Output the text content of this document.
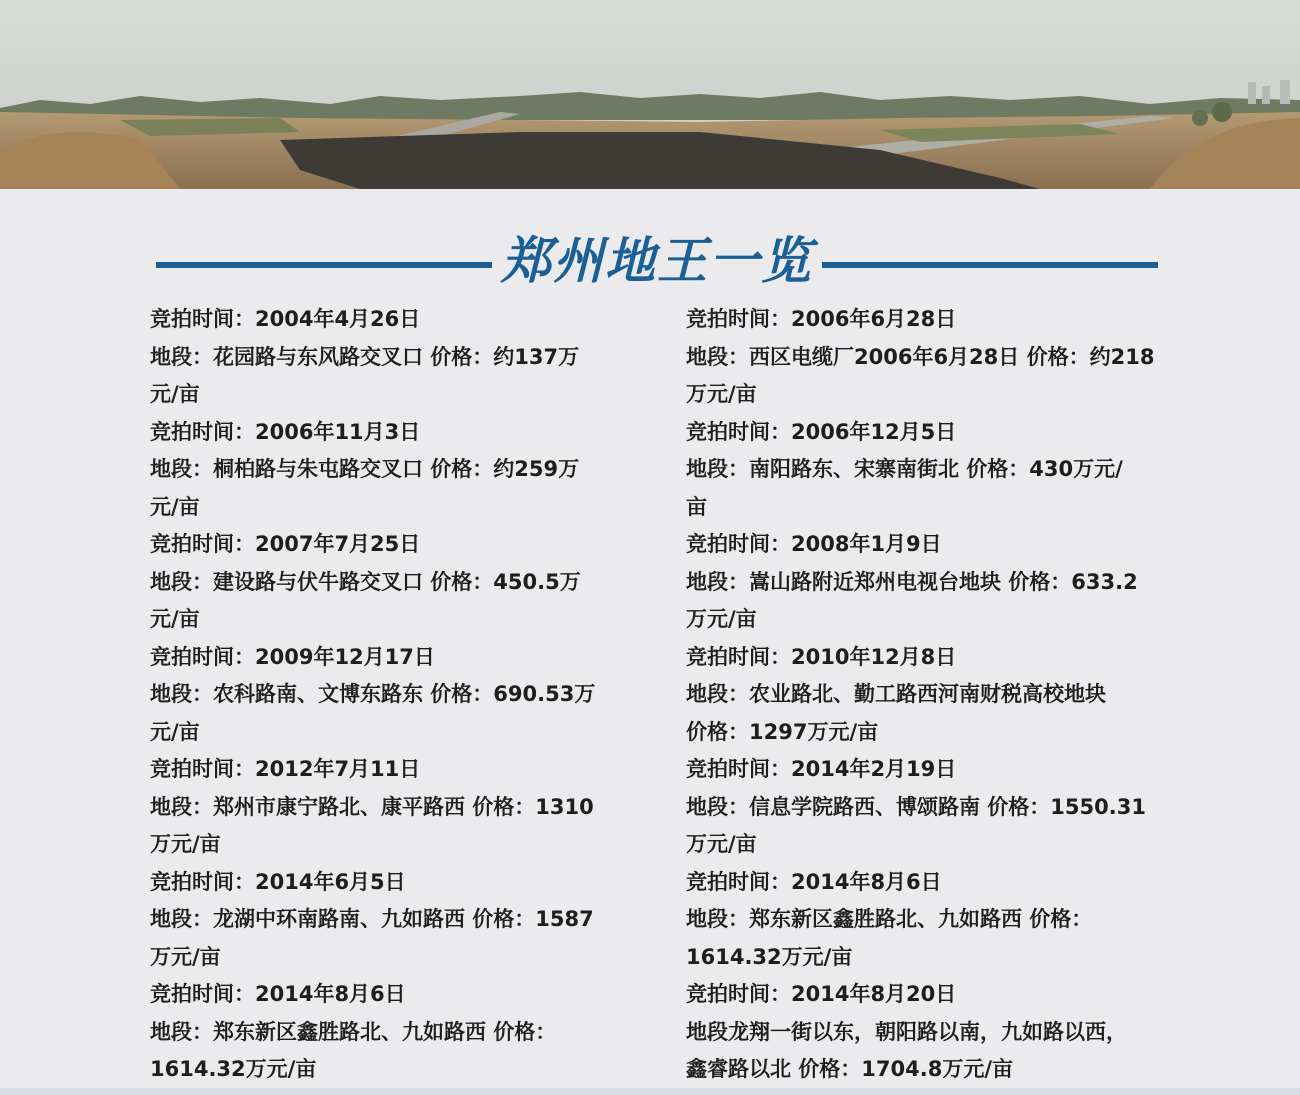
郑州地王一览
竞拍时间：2004年4月26日
地段：花园路与东风路交叉口 价格：约137万
元/亩
竞拍时间：2006年11月3日
地段：桐柏路与朱屯路交叉口 价格：约259万
元/亩
竞拍时间：2007年7月25日
地段：建设路与伏牛路交叉口 价格：450.5万
元/亩
竞拍时间：2009年12月17日
地段：农科路南、文博东路东 价格：690.53万
元/亩
竞拍时间：2012年7月11日
地段：郑州市康宁路北、康平路西 价格：1310
万元/亩
竞拍时间：2014年6月5日
地段：龙湖中环南路南、九如路西 价格：1587
万元/亩
竞拍时间：2014年8月6日
地段：郑东新区鑫胜路北、九如路西 价格：
1614.32万元/亩
竞拍时间：2006年6月28日
地段：西区电缆厂2006年6月28日 价格：约218
万元/亩
竞拍时间：2006年12月5日
地段：南阳路东、宋寨南街北 价格：430万元/
亩
竞拍时间：2008年1月9日
地段：嵩山路附近郑州电视台地块 价格：633.2
万元/亩
竞拍时间：2010年12月8日
地段：农业路北、勤工路西河南财税高校地块
价格：1297万元/亩
竞拍时间：2014年2月19日
地段：信息学院路西、博颂路南 价格：1550.31
万元/亩
竞拍时间：2014年8月6日
地段：郑东新区鑫胜路北、九如路西 价格：
1614.32万元/亩
竞拍时间：2014年8月20日
地段龙翔一街以东，朝阳路以南，九如路以西，
鑫睿路以北 价格：1704.8万元/亩
